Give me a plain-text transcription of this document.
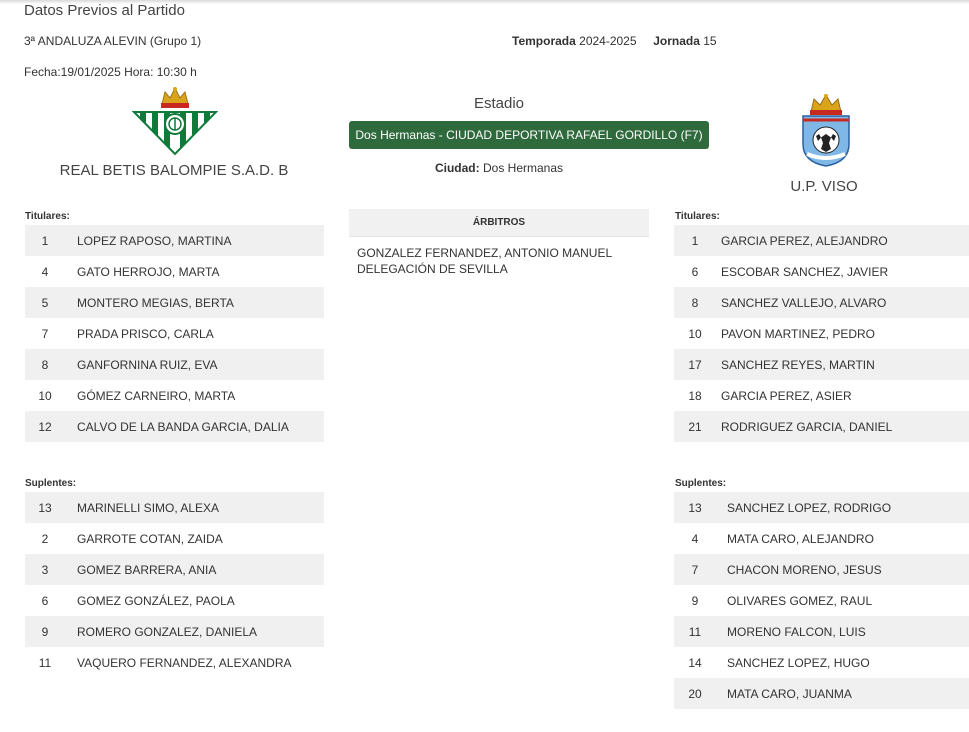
Datos Previos al Partido
3ª ANDALUZA ALEVIN (Grupo 1)	Temporada 2024-2025 Jornada 15
Fecha:19/01/2025 Hora: 10:30 h
REAL BETIS BALOMPIE S.A.D. B
Estadio
Dos Hermanas - CIUDAD DEPORTIVA RAFAEL GORDILLO (F7)
Ciudad: Dos Hermanas
U.P. VISO
ÁRBITROS
GONZALEZ FERNANDEZ, ANTONIO MANUEL
DELEGACIÓN DE SEVILLA
Titulares:
1	LOPEZ RAPOSO, MARTINA
4	GATO HERROJO, MARTA
5	MONTERO MEGIAS, BERTA
7	PRADA PRISCO, CARLA
8	GANFORNINA RUIZ, EVA
10	GÓMEZ CARNEIRO, MARTA
12	CALVO DE LA BANDA GARCIA, DALIA
Suplentes:
13	MARINELLI SIMO, ALEXA
2	GARROTE COTAN, ZAIDA
3	GOMEZ BARRERA, ANIA
6	GOMEZ GONZÁLEZ, PAOLA
9	ROMERO GONZALEZ, DANIELA
11	VAQUERO FERNANDEZ, ALEXANDRA
Titulares:
1	GARCIA PEREZ, ALEJANDRO
6	ESCOBAR SANCHEZ, JAVIER
8	SANCHEZ VALLEJO, ALVARO
10	PAVON MARTINEZ, PEDRO
17	SANCHEZ REYES, MARTIN
18	GARCIA PEREZ, ASIER
21	RODRIGUEZ GARCIA, DANIEL
Suplentes:
13	SANCHEZ LOPEZ, RODRIGO
4	MATA CARO, ALEJANDRO
7	CHACON MORENO, JESUS
9	OLIVARES GOMEZ, RAUL
11	MORENO FALCON, LUIS
14	SANCHEZ LOPEZ, HUGO
20	MATA CARO, JUANMA
